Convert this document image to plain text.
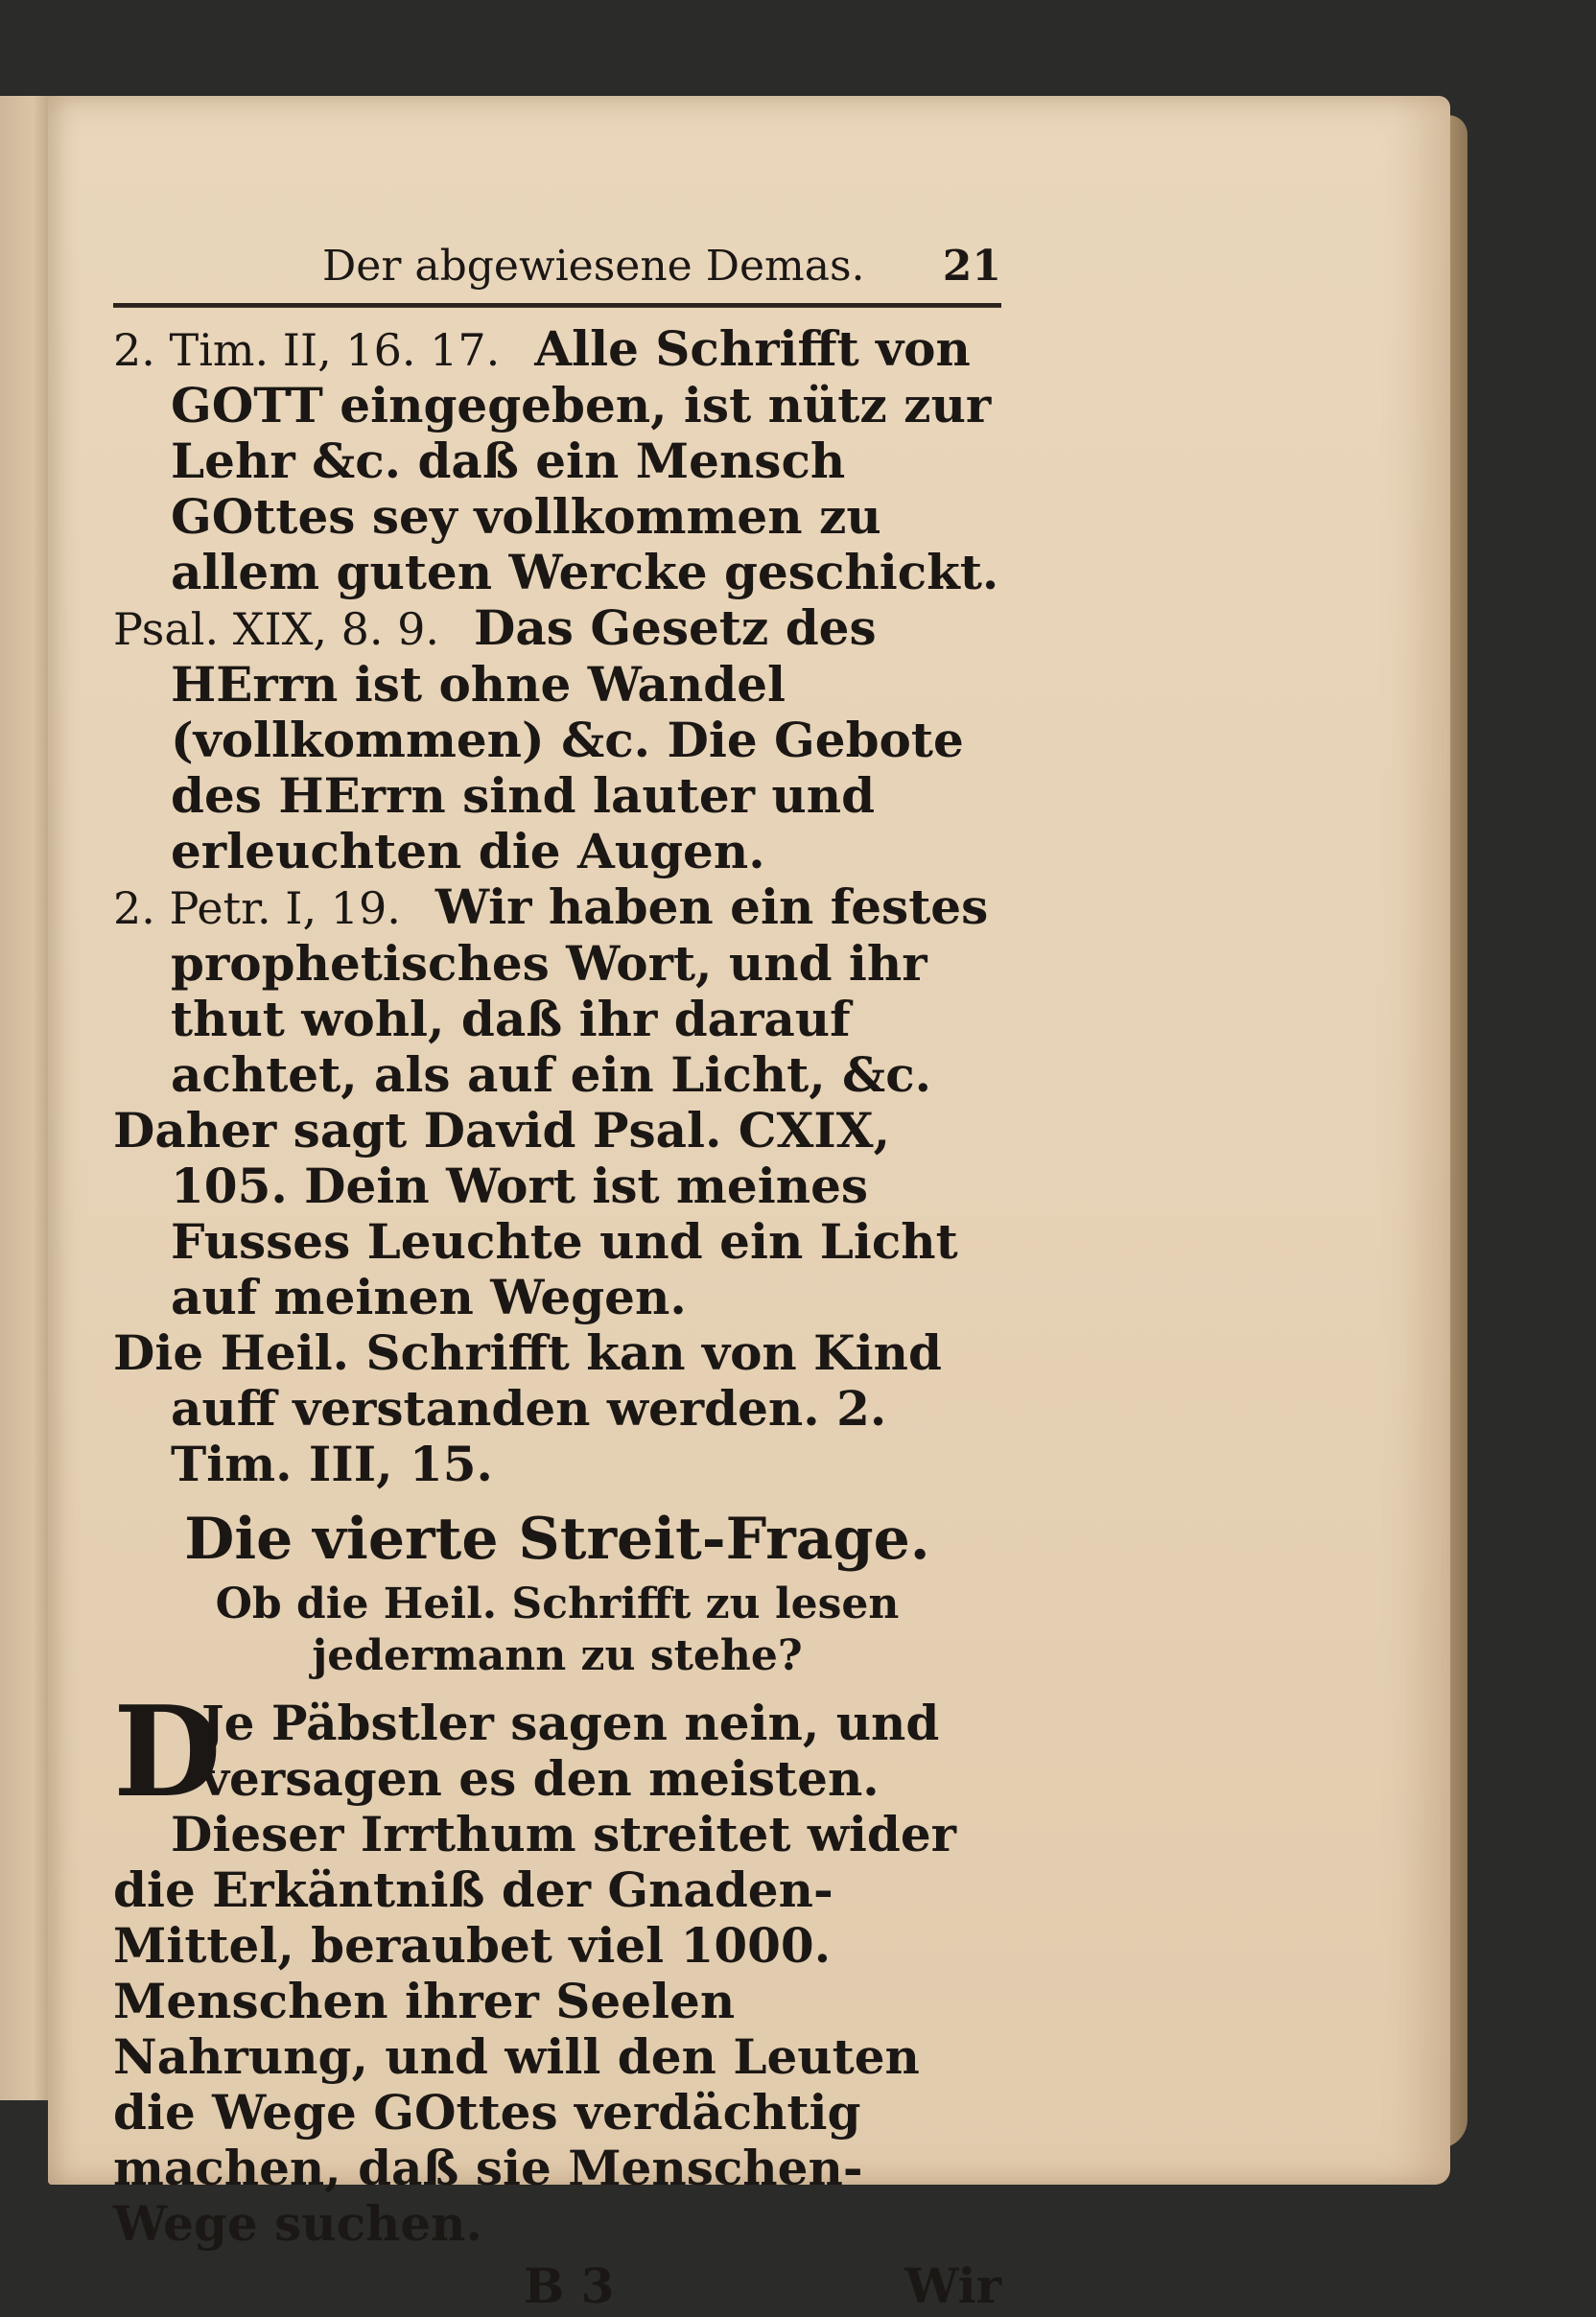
Der abgewiesene Demas. 21
2. Tim. II, 16. 17. Alle Schrifft von GOTT eingegeben, ist nütz zur Lehr &c. daß ein Mensch GOttes sey vollkommen zu allem guten Wercke geschickt.
Psal. XIX, 8. 9. Das Gesetz des HErrn ist ohne Wandel (vollkommen) &c. Die Gebote des HErrn sind lauter und erleuchten die Augen.
2. Petr. I, 19. Wir haben ein festes prophetisches Wort, und ihr thut wohl, daß ihr darauf achtet, als auf ein Licht, &c.
Daher sagt David Psal. CXIX, 105. Dein Wort ist meines Fusses Leuchte und ein Licht auf meinen Wegen.
Die Heil. Schrifft kan von Kind auff verstanden werden. 2. Tim. III, 15.
Die vierte Streit-Frage.
Ob die Heil. Schrifft zu lesen jedermann zu stehe?
D
Je Päbstler sagen nein, und versagen es den meisten.
Dieser Irrthum streitet wider die Erkäntniß der Gnaden-Mittel, beraubet viel 1000. Menschen ihrer Seelen Nahrung, und will den Leuten die Wege GOttes verdächtig machen, daß sie Menschen-Wege suchen.
B 3	Wir
